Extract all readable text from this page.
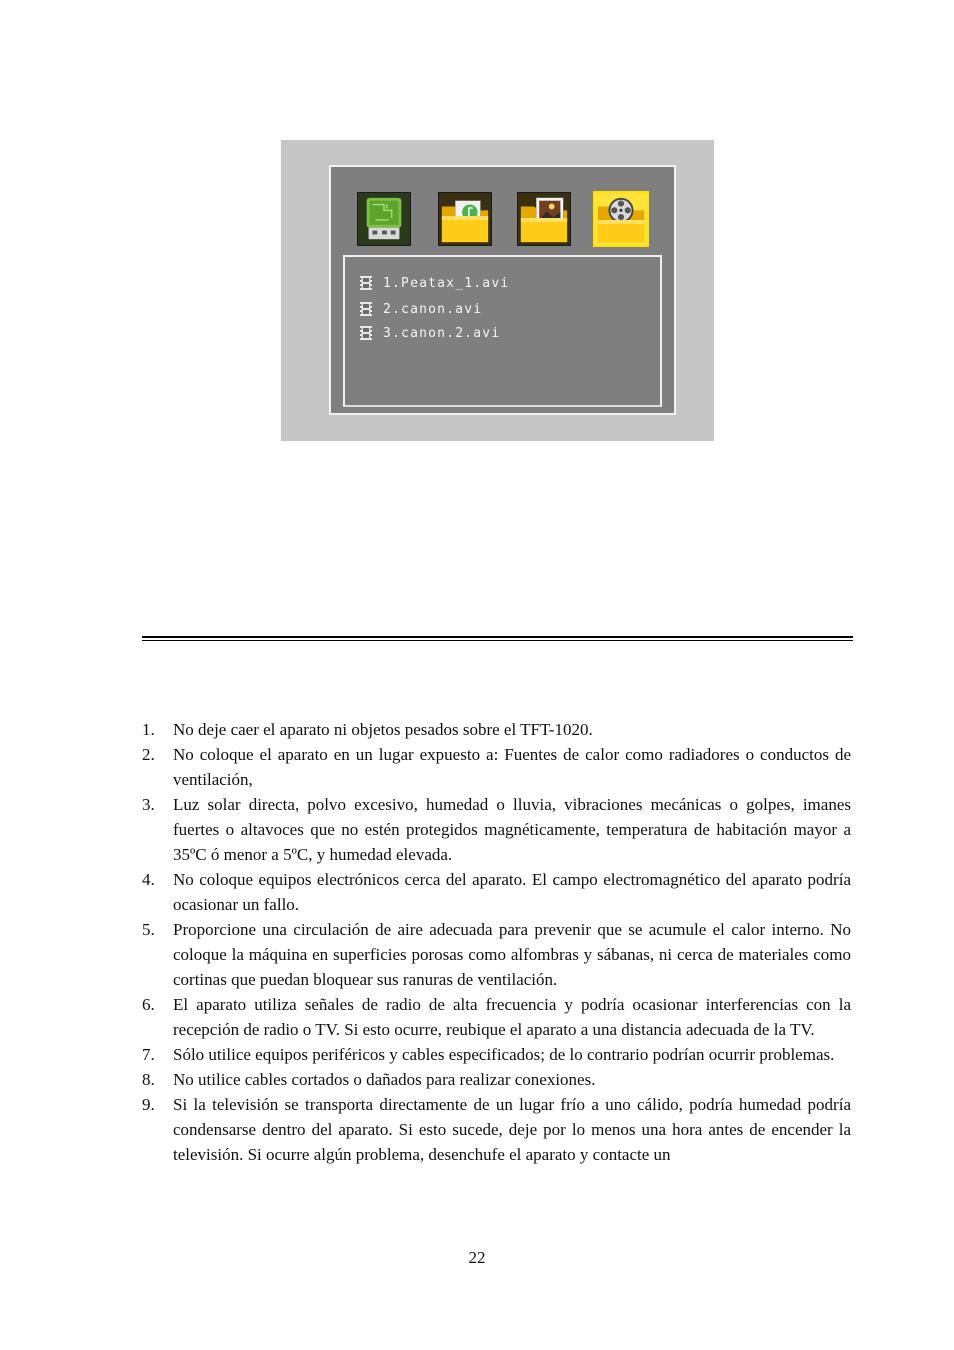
1.Peatax_1.avi
2.canon.avi
3.canon.2.avi
1. No deje caer el aparato ni objetos pesados sobre el TFT-1020.
2. No coloque el aparato en un lugar expuesto a: Fuentes de calor como radiadores o conductos de ventilación,
3. Luz solar directa, polvo excesivo, humedad o lluvia, vibraciones mecánicas o golpes, imanes fuertes o altavoces que no estén protegidos magnéticamente, temperatura de habitación mayor a 35ºC ó menor a 5ºC, y humedad elevada.
4. No coloque equipos electrónicos cerca del aparato. El campo electromagnético del aparato podría ocasionar un fallo.
5. Proporcione una circulación de aire adecuada para prevenir que se acumule el calor interno. No coloque la máquina en superficies porosas como alfombras y sábanas, ni cerca de materiales como cortinas que puedan bloquear sus ranuras de ventilación.
6. El aparato utiliza señales de radio de alta frecuencia y podría ocasionar interferencias con la recepción de radio o TV. Si esto ocurre, reubique el aparato a una distancia adecuada de la TV.
7. Sólo utilice equipos periféricos y cables especificados; de lo contrario podrían ocurrir problemas.
8. No utilice cables cortados o dañados para realizar conexiones.
9. Si la televisión se transporta directamente de un lugar frío a uno cálido, podría humedad podría condensarse dentro del aparato. Si esto sucede, deje por lo menos una hora antes de encender la televisión. Si ocurre algún problema, desenchufe el aparato y contacte un
22
